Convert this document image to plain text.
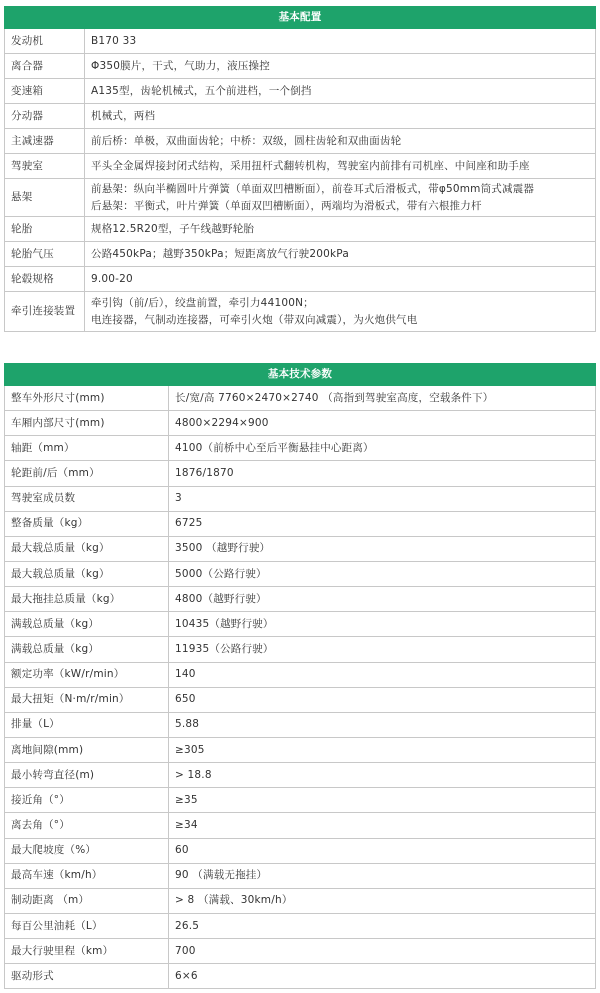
基本配置	
发动机	B170 33
离合器	Φ350膜片，干式，气助力，液压操控
变速箱	A135型，齿轮机械式，五个前进档，一个倒挡
分动器	机械式，两档
主减速器	前后桥：单极，双曲面齿轮；中桥：双级，圆柱齿轮和双曲面齿轮
驾驶室	平头全金属焊接封闭式结构，采用扭杆式翻转机构，驾驶室内前排有司机座、中间座和助手座
悬架	前悬架：纵向半椭圆叶片弹簧（单面双凹槽断面），前卷耳式后滑板式，带φ50mm筒式减震器
后悬架：平衡式，叶片弹簧（单面双凹槽断面），两端均为滑板式，带有六根推力杆

轮胎	规格12.5R20型，子午线越野轮胎
轮胎气压	公路450kPa；越野350kPa；短距离放气行驶200kPa
轮毂规格	9.00-20
牵引连接装置	牵引钩（前/后），绞盘前置，牵引力44100N；
电连接器，气制动连接器，可牵引火炮（带双向减震），为火炮供气电
基本技术参数	
整车外形尺寸(mm)	长/宽/高 7760×2470×2740 （高指到驾驶室高度，空载条件下）
车厢内部尺寸(mm)	4800×2294×900
轴距（mm）	4100（前桥中心至后平衡悬挂中心距离）
轮距前/后（mm）	1876/1870
驾驶室成员数	3
整备质量（kg）	6725
最大载总质量（kg）	3500 （越野行驶）
最大载总质量（kg）	5000（公路行驶）
最大拖挂总质量（kg）	4800（越野行驶）
满载总质量（kg）	10435（越野行驶）
满载总质量（kg）	11935（公路行驶）
额定功率（kW/r/min）	140
最大扭矩（N·m/r/min）	650
排量（L）	5.88
离地间隙(mm)	≥305
最小转弯直径(m)	> 18.8
接近角（°）	≥35
离去角（°）	≥34
最大爬坡度（%）	60
最高车速（km/h）	90 （满载无拖挂）
制动距离 （m）	> 8 （满载、30km/h）
每百公里油耗（L）	26.5
最大行驶里程（km）	700
驱动形式	6×6
